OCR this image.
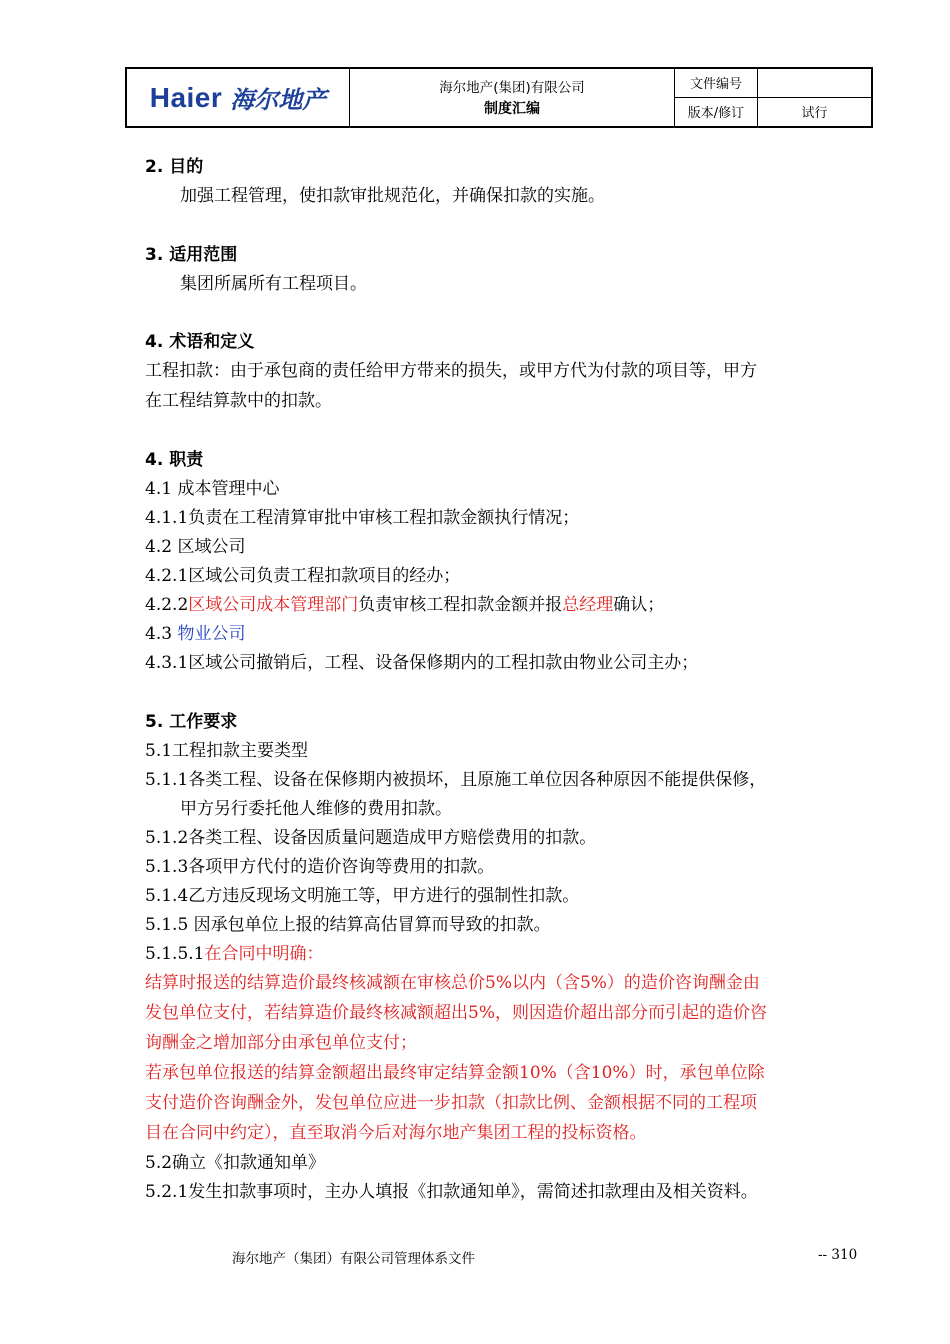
Haier 海尔地产	海尔地产(集团)有限公司
制度汇编
文件编号
版本/修订	试行
2. 目的
加强工程管理，使扣款审批规范化，并确保扣款的实施。
3. 适用范围
集团所属所有工程项目。
4. 术语和定义
工程扣款：由于承包商的责任给甲方带来的损失，或甲方代为付款的项目等，甲方
在工程结算款中的扣款。
4. 职责
4.1 成本管理中心
4.1.1负责在工程清算审批中审核工程扣款金额执行情况；
4.2 区域公司
4.2.1区域公司负责工程扣款项目的经办；
4.2.2区域公司成本管理部门负责审核工程扣款金额并报总经理确认；
4.3 物业公司
4.3.1区域公司撤销后，工程、设备保修期内的工程扣款由物业公司主办；
5. 工作要求
5.1工程扣款主要类型
5.1.1各类工程、设备在保修期内被损坏，且原施工单位因各种原因不能提供保修，
甲方另行委托他人维修的费用扣款。
5.1.2各类工程、设备因质量问题造成甲方赔偿费用的扣款。
5.1.3各项甲方代付的造价咨询等费用的扣款。
5.1.4乙方违反现场文明施工等，甲方进行的强制性扣款。
5.1.5 因承包单位上报的结算高估冒算而导致的扣款。
5.1.5.1在合同中明确：
结算时报送的结算造价最终核减额在审核总价5%以内（含5%）的造价咨询酬金由
发包单位支付，若结算造价最终核减额超出5%，则因造价超出部分而引起的造价咨
询酬金之增加部分由承包单位支付；
若承包单位报送的结算金额超出最终审定结算金额10%（含10%）时，承包单位除
支付造价咨询酬金外，发包单位应进一步扣款（扣款比例、金额根据不同的工程项
目在合同中约定），直至取消今后对海尔地产集团工程的投标资格。
5.2确立《扣款通知单》
5.2.1发生扣款事项时，主办人填报《扣款通知单》，需简述扣款理由及相关资料。
海尔地产（集团）有限公司管理体系文件	-- 310
